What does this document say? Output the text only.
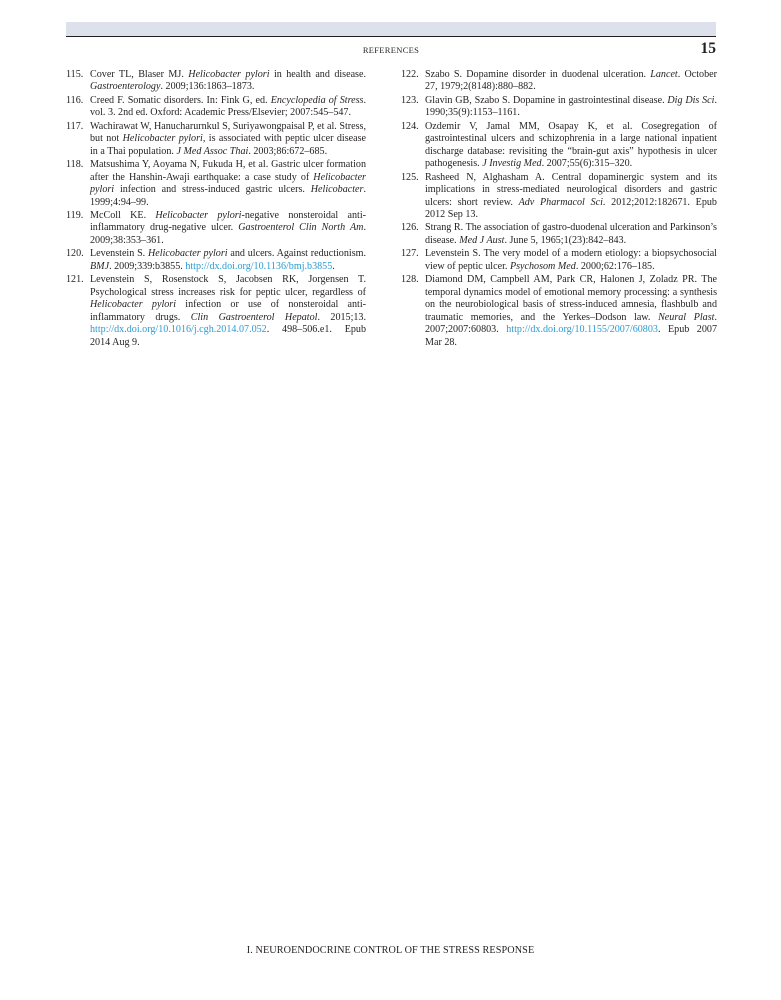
REFERENCES	15
115. Cover TL, Blaser MJ. Helicobacter pylori in health and disease. Gastroenterology. 2009;136:1863–1873.
116. Creed F. Somatic disorders. In: Fink G, ed. Encyclopedia of Stress. vol. 3. 2nd ed. Oxford: Academic Press/Elsevier; 2007:545–547.
117. Wachirawat W, Hanucharurnkul S, Suriyawongpaisal P, et al. Stress, but not Helicobacter pylori, is associated with peptic ulcer disease in a Thai population. J Med Assoc Thai. 2003;86:672–685.
118. Matsushima Y, Aoyama N, Fukuda H, et al. Gastric ulcer formation after the Hanshin-Awaji earthquake: a case study of Helicobacter pylori infection and stress-induced gastric ulcers. Helicobacter. 1999;4:94–99.
119. McColl KE. Helicobacter pylori-negative nonsteroidal anti-inflammatory drug-negative ulcer. Gastroenterol Clin North Am. 2009;38:353–361.
120. Levenstein S. Helicobacter pylori and ulcers. Against reductionism. BMJ. 2009;339:b3855. http://dx.doi.org/10.1136/bmj.b3855.
121. Levenstein S, Rosenstock S, Jacobsen RK, Jorgensen T. Psychological stress increases risk for peptic ulcer, regardless of Helicobacter pylori infection or use of nonsteroidal anti-inflammatory drugs. Clin Gastroenterol Hepatol. 2015;13. http://dx.doi.org/10.1016/j.cgh.2014.07.052. 498–506.e1. Epub 2014 Aug 9.
122. Szabo S. Dopamine disorder in duodenal ulceration. Lancet. October 27, 1979;2(8148):880–882.
123. Glavin GB, Szabo S. Dopamine in gastrointestinal disease. Dig Dis Sci. 1990;35(9):1153–1161.
124. Ozdemir V, Jamal MM, Osapay K, et al. Cosegregation of gastrointestinal ulcers and schizophrenia in a large national inpatient discharge database: revisiting the “brain-gut axis” hypothesis in ulcer pathogenesis. J Investig Med. 2007;55(6):315–320.
125. Rasheed N, Alghasham A. Central dopaminergic system and its implications in stress-mediated neurological disorders and gastric ulcers: short review. Adv Pharmacol Sci. 2012;2012:182671. Epub 2012 Sep 13.
126. Strang R. The association of gastro-duodenal ulceration and Parkinson’s disease. Med J Aust. June 5, 1965;1(23):842–843.
127. Levenstein S. The very model of a modern etiology: a biopsychosocial view of peptic ulcer. Psychosom Med. 2000;62:176–185.
128. Diamond DM, Campbell AM, Park CR, Halonen J, Zoladz PR. The temporal dynamics model of emotional memory processing: a synthesis on the neurobiological basis of stress-induced amnesia, flashbulb and traumatic memories, and the Yerkes–Dodson law. Neural Plast. 2007;2007:60803. http://dx.doi.org/10.1155/2007/60803. Epub 2007 Mar 28.
I. NEUROENDOCRINE CONTROL OF THE STRESS RESPONSE
